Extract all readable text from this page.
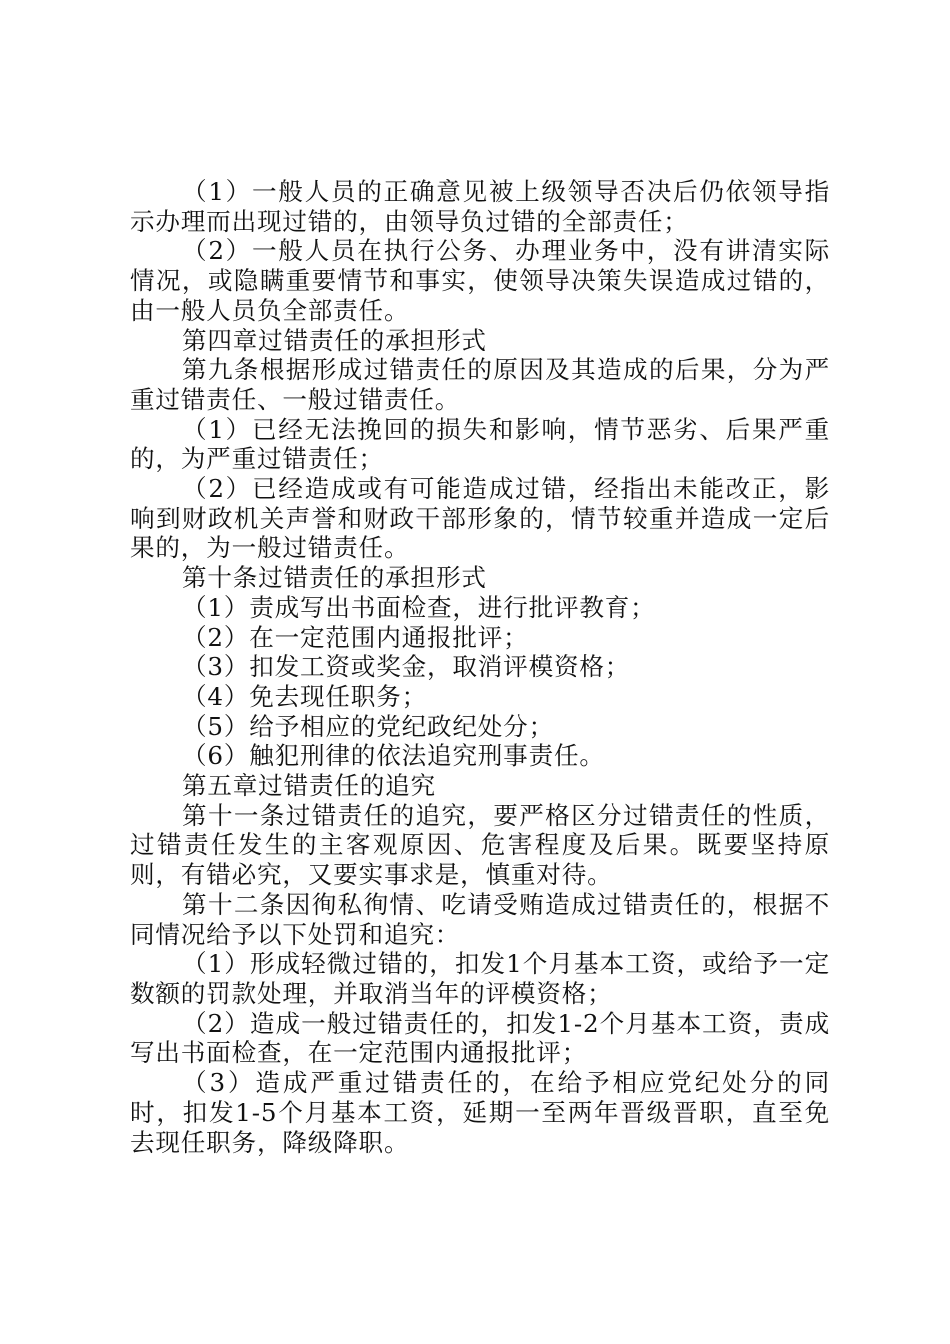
（1）一般人员的正确意见被上级领导否决后仍依领导指示办理而出现过错的，由领导负过错的全部责任；

（2）一般人员在执行公务、办理业务中，没有讲清实际情况，或隐瞒重要情节和事实，使领导决策失误造成过错的，由一般人员负全部责任。

第四章过错责任的承担形式

第九条根据形成过错责任的原因及其造成的后果，分为严重过错责任、一般过错责任。

（1）已经无法挽回的损失和影响，情节恶劣、后果严重的，为严重过错责任；

（2）已经造成或有可能造成过错，经指出未能改正，影响到财政机关声誉和财政干部形象的，情节较重并造成一定后果的，为一般过错责任。

第十条过错责任的承担形式

（1）责成写出书面检查，进行批评教育；

（2）在一定范围内通报批评；

（3）扣发工资或奖金，取消评模资格；

（4）免去现任职务；

（5）给予相应的党纪政纪处分；

（6）触犯刑律的依法追究刑事责任。

第五章过错责任的追究

第十一条过错责任的追究，要严格区分过错责任的性质，过错责任发生的主客观原因、危害程度及后果。既要坚持原则，有错必究，又要实事求是，慎重对待。

第十二条因徇私徇情、吃请受贿造成过错责任的，根据不同情况给予以下处罚和追究：

（1）形成轻微过错的，扣发1个月基本工资，或给予一定数额的罚款处理，并取消当年的评模资格；

（2）造成一般过错责任的，扣发1-2个月基本工资，责成写出书面检查，在一定范围内通报批评；

（3）造成严重过错责任的，在给予相应党纪处分的同时，扣发1-5个月基本工资，延期一至两年晋级晋职，直至免去现任职务，降级降职。
